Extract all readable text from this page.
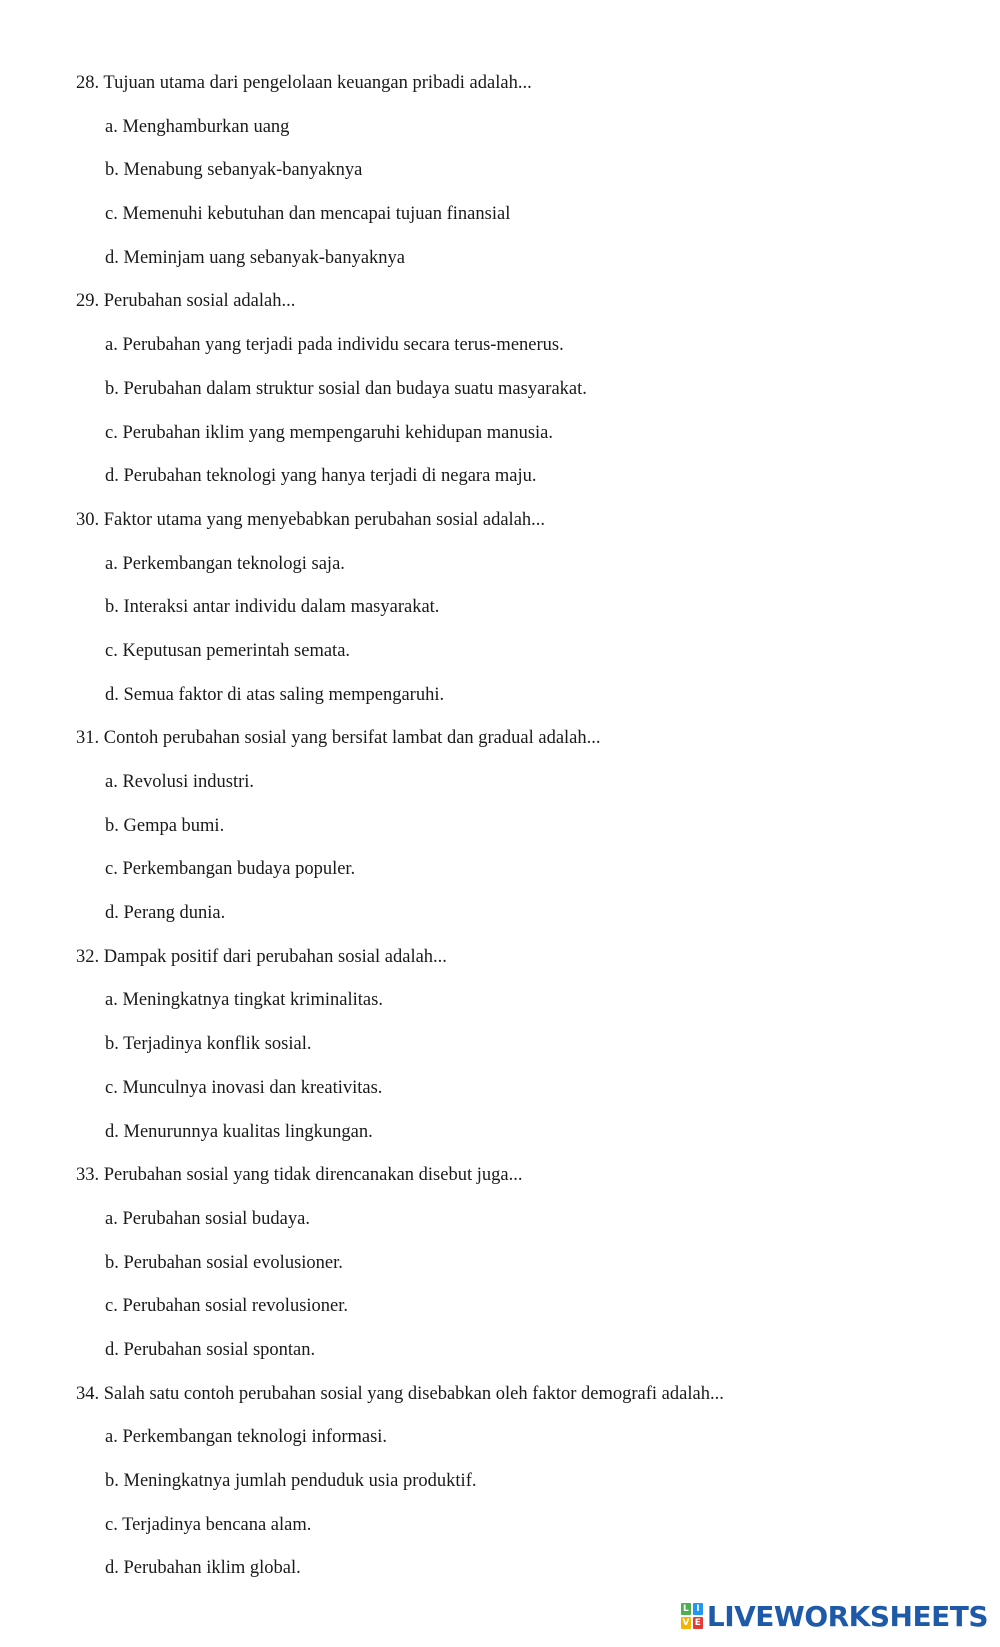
28. Tujuan utama dari pengelolaan keuangan pribadi adalah...
a. Menghamburkan uang
b. Menabung sebanyak-banyaknya
c. Memenuhi kebutuhan dan mencapai tujuan finansial
d. Meminjam uang sebanyak-banyaknya
29. Perubahan sosial adalah...
a. Perubahan yang terjadi pada individu secara terus-menerus.
b. Perubahan dalam struktur sosial dan budaya suatu masyarakat.
c. Perubahan iklim yang mempengaruhi kehidupan manusia.
d. Perubahan teknologi yang hanya terjadi di negara maju.
30. Faktor utama yang menyebabkan perubahan sosial adalah...
a. Perkembangan teknologi saja.
b. Interaksi antar individu dalam masyarakat.
c. Keputusan pemerintah semata.
d. Semua faktor di atas saling mempengaruhi.
31. Contoh perubahan sosial yang bersifat lambat dan gradual adalah...
a. Revolusi industri.
b. Gempa bumi.
c. Perkembangan budaya populer.
d. Perang dunia.
32. Dampak positif dari perubahan sosial adalah...
a. Meningkatnya tingkat kriminalitas.
b. Terjadinya konflik sosial.
c. Munculnya inovasi dan kreativitas.
d. Menurunnya kualitas lingkungan.
33. Perubahan sosial yang tidak direncanakan disebut juga...
a. Perubahan sosial budaya.
b. Perubahan sosial evolusioner.
c. Perubahan sosial revolusioner.
d. Perubahan sosial spontan.
34. Salah satu contoh perubahan sosial yang disebabkan oleh faktor demografi adalah...
a. Perkembangan teknologi informasi.
b. Meningkatnya jumlah penduduk usia produktif.
c. Terjadinya bencana alam.
d. Perubahan iklim global.
L I
V E LIVEWORKSHEETS
